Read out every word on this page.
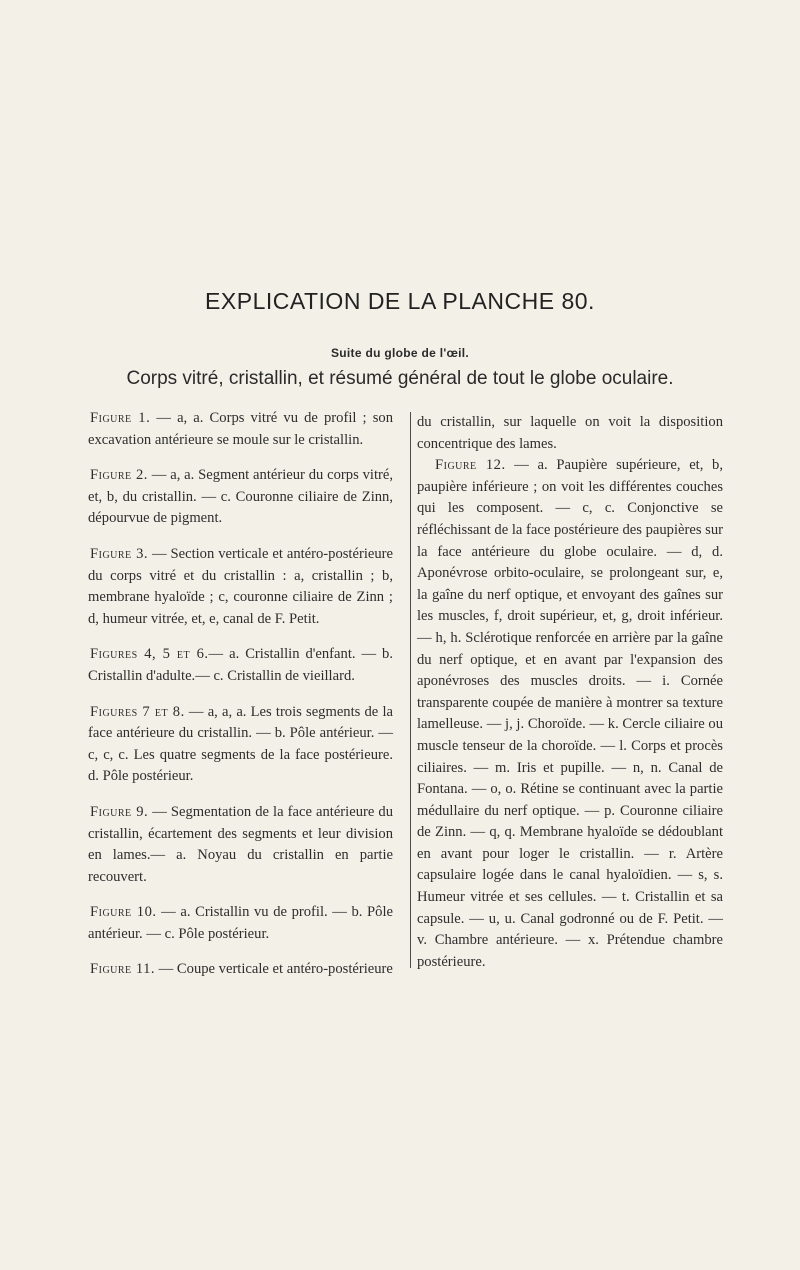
EXPLICATION DE LA PLANCHE 80.
Suite du globe de l'œil.
Corps vitré, cristallin, et résumé général de tout le globe oculaire.

Figure 1. — a, a. Corps vitré vu de profil ; son excavation antérieure se moule sur le cristallin.

Figure 2. — a, a. Segment antérieur du corps vitré, et, b, du cristallin. — c. Couronne ciliaire de Zinn, dépourvue de pigment.

Figure 3. — Section verticale et antéro-postérieure du corps vitré et du cristallin : a, cristallin ; b, membrane hyaloïde ; c, couronne ciliaire de Zinn ; d, humeur vitrée, et, e, canal de F. Petit.

Figures 4, 5 et 6.— a. Cristallin d'enfant. — b. Cristallin d'adulte.— c. Cristallin de vieillard.

Figures 7 et 8. — a, a, a. Les trois segments de la face antérieure du cristallin. — b. Pôle antérieur. — c, c, c. Les quatre segments de la face postérieure. d. Pôle postérieur.

Figure 9. — Segmentation de la face antérieure du cristallin, écartement des segments et leur division en lames.— a. Noyau du cristallin en partie recouvert.

Figure 10. — a. Cristallin vu de profil. — b. Pôle antérieur. — c. Pôle postérieur.

Figure 11. — Coupe verticale et antéro-postérieure

du cristallin, sur laquelle on voit la disposition concentrique des lames.

Figure 12. — a. Paupière supérieure, et, b, paupière inférieure ; on voit les différentes couches qui les composent. — c, c. Conjonctive se réfléchissant de la face postérieure des paupières sur la face antérieure du globe oculaire. — d, d. Aponévrose orbito-oculaire, se prolongeant sur, e, la gaîne du nerf optique, et envoyant des gaînes sur les muscles, f, droit supérieur, et, g, droit inférieur. — h, h. Sclérotique renforcée en arrière par la gaîne du nerf optique, et en avant par l'expansion des aponévroses des muscles droits. — i. Cornée transparente coupée de manière à montrer sa texture lamelleuse. — j, j. Choroïde. — k. Cercle ciliaire ou muscle tenseur de la choroïde. — l. Corps et procès ciliaires. — m. Iris et pupille. — n, n. Canal de Fontana. — o, o. Rétine se continuant avec la partie médullaire du nerf optique. — p. Couronne ciliaire de Zinn. — q, q. Membrane hyaloïde se dédoublant en avant pour loger le cristallin. — r. Artère capsulaire logée dans le canal hyaloïdien. — s, s. Humeur vitrée et ses cellules. — t. Cristallin et sa capsule. — u, u. Canal godronné ou de F. Petit. — v. Chambre antérieure. — x. Prétendue chambre postérieure.
